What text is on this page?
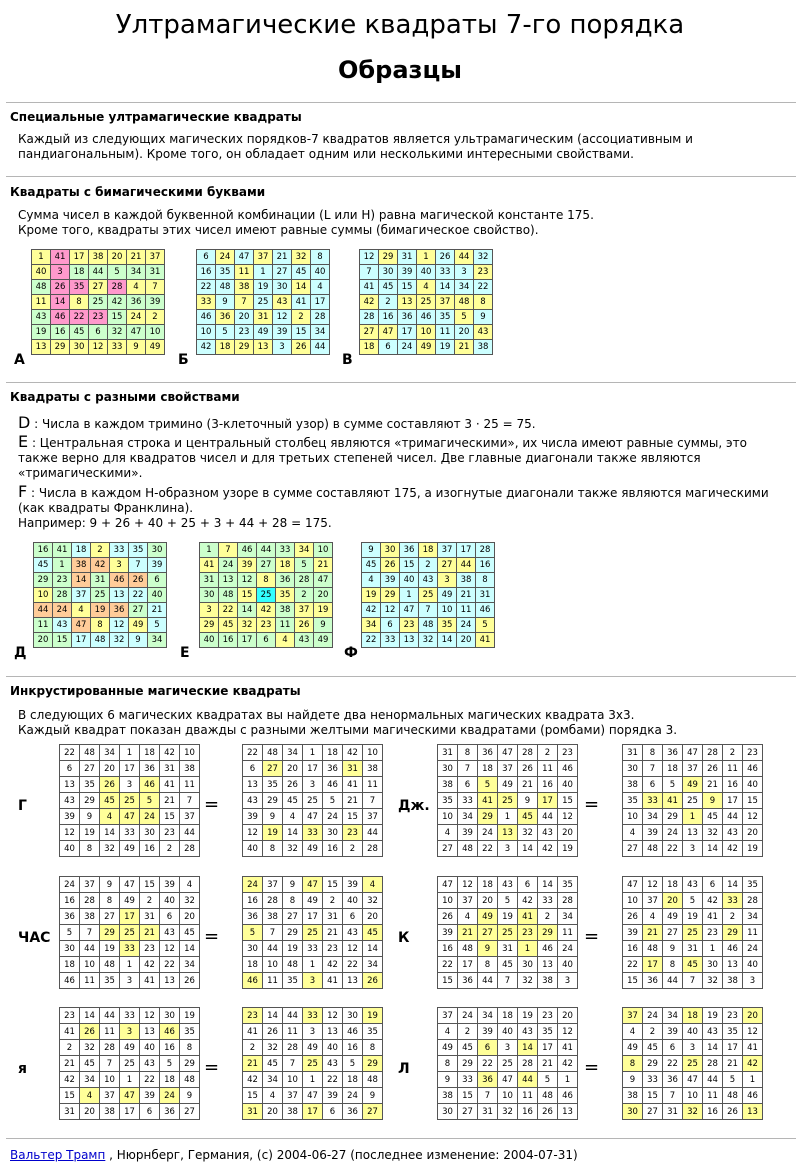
Ултрамагические квадраты 7-го порядка
Образцы
Специальные ултрамагические квадраты
Каждый из следующих магических порядков-7 квадратов является ультрамагическим (ассоциативным и пандиагональным). Кроме того, он обладает одним или несколькими интересными свойствами.
Квадраты с бимагическими буквами
Сумма чисел в каждой буквенной комбинации (L или H) равна магической константе 175.
Кроме того, квадраты этих чисел имеют равные суммы (бимагическое свойство).
1	41	17	38	20	21	37
40	3	18	44	5	34	31
48	26	35	27	28	4	7
11	14	8	25	42	36	39
43	46	22	23	15	24	2
19	16	45	6	32	47	10
13	29	30	12	33	9	49
6	24	47	37	21	32	8
16	35	11	1	27	45	40
22	48	38	19	30	14	4
33	9	7	25	43	41	17
46	36	20	31	12	2	28
10	5	23	49	39	15	34
42	18	29	13	3	26	44
12	29	31	1	26	44	32
7	30	39	40	33	3	23
41	45	15	4	14	34	22
42	2	13	25	37	48	8
28	16	36	46	35	5	9
27	47	17	10	11	20	43
18	6	24	49	19	21	38
А	Б	В
Квадраты с разными свойствами
D : Числа в каждом тримино (3-клеточный узор) в сумме составляют 3 · 25 = 75.
E : Центральная строка и центральный столбец являются «тримагическими», их числа имеют равные суммы, это также верно для квадратов чисел и для третьих степеней чисел. Две главные диагонали также являются «тримагическими».
F : Числа в каждом H-образном узоре в сумме составляют 175, а изогнутые диагонали также являются магическими (как квадраты Франклина).
Например: 9 + 26 + 40 + 25 + 3 + 44 + 28 = 175.
16	41	18	2	33	35	30
45	1	38	42	3	7	39
29	23	14	31	46	26	6
10	28	37	25	13	22	40
44	24	4	19	36	27	21
11	43	47	8	12	49	5
20	15	17	48	32	9	34
1	7	46	44	33	34	10
41	24	39	27	18	5	21
31	13	12	8	36	28	47
30	48	15	25	35	2	20
3	22	14	42	38	37	19
29	45	32	23	11	26	9
40	16	17	6	4	43	49
9	30	36	18	37	17	28
45	26	15	2	27	44	16
4	39	40	43	3	38	8
19	29	1	25	49	21	31
42	12	47	7	10	11	46
34	6	23	48	35	24	5
22	33	13	32	14	20	41
Д	Е	Ф
Инкрустированные магические квадраты
В следующих 6 магических квадратах вы найдете два ненормальных магических квадрата 3x3.
Каждый квадрат показан дважды с разными желтыми магическими квадратами (ромбами) порядка 3.
Г
22	48	34	1	18	42	10
6	27	20	17	36	31	38
13	35	26	3	46	41	11
43	29	45	25	5	21	7
39	9	4	47	24	15	37
12	19	14	33	30	23	44
40	8	32	49	16	2	28
=
22	48	34	1	18	42	10
6	27	20	17	36	31	38
13	35	26	3	46	41	11
43	29	45	25	5	21	7
39	9	4	47	24	15	37
12	19	14	33	30	23	44
40	8	32	49	16	2	28
Дж.
31	8	36	47	28	2	23
30	7	18	37	26	11	46
38	6	5	49	21	16	40
35	33	41	25	9	17	15
10	34	29	1	45	44	12
4	39	24	13	32	43	20
27	48	22	3	14	42	19
=
31	8	36	47	28	2	23
30	7	18	37	26	11	46
38	6	5	49	21	16	40
35	33	41	25	9	17	15
10	34	29	1	45	44	12
4	39	24	13	32	43	20
27	48	22	3	14	42	19
ЧАС
24	37	9	47	15	39	4
16	28	8	49	2	40	32
36	38	27	17	31	6	20
5	7	29	25	21	43	45
30	44	19	33	23	12	14
18	10	48	1	42	22	34
46	11	35	3	41	13	26
=
24	37	9	47	15	39	4
16	28	8	49	2	40	32
36	38	27	17	31	6	20
5	7	29	25	21	43	45
30	44	19	33	23	12	14
18	10	48	1	42	22	34
46	11	35	3	41	13	26
К
47	12	18	43	6	14	35
10	37	20	5	42	33	28
26	4	49	19	41	2	34
39	21	27	25	23	29	11
16	48	9	31	1	46	24
22	17	8	45	30	13	40
15	36	44	7	32	38	3
=
47	12	18	43	6	14	35
10	37	20	5	42	33	28
26	4	49	19	41	2	34
39	21	27	25	23	29	11
16	48	9	31	1	46	24
22	17	8	45	30	13	40
15	36	44	7	32	38	3
я
23	14	44	33	12	30	19
41	26	11	3	13	46	35
2	32	28	49	40	16	8
21	45	7	25	43	5	29
42	34	10	1	22	18	48
15	4	37	47	39	24	9
31	20	38	17	6	36	27
=
23	14	44	33	12	30	19
41	26	11	3	13	46	35
2	32	28	49	40	16	8
21	45	7	25	43	5	29
42	34	10	1	22	18	48
15	4	37	47	39	24	9
31	20	38	17	6	36	27
Л
37	24	34	18	19	23	20
4	2	39	40	43	35	12
49	45	6	3	14	17	41
8	29	22	25	28	21	42
9	33	36	47	44	5	1
38	15	7	10	11	48	46
30	27	31	32	16	26	13
=
37	24	34	18	19	23	20
4	2	39	40	43	35	12
49	45	6	3	14	17	41
8	29	22	25	28	21	42
9	33	36	47	44	5	1
38	15	7	10	11	48	46
30	27	31	32	16	26	13
Вальтер Трамп , Нюрнберг, Германия, (c) 2004-06-27 (последнее изменение: 2004-07-31)
